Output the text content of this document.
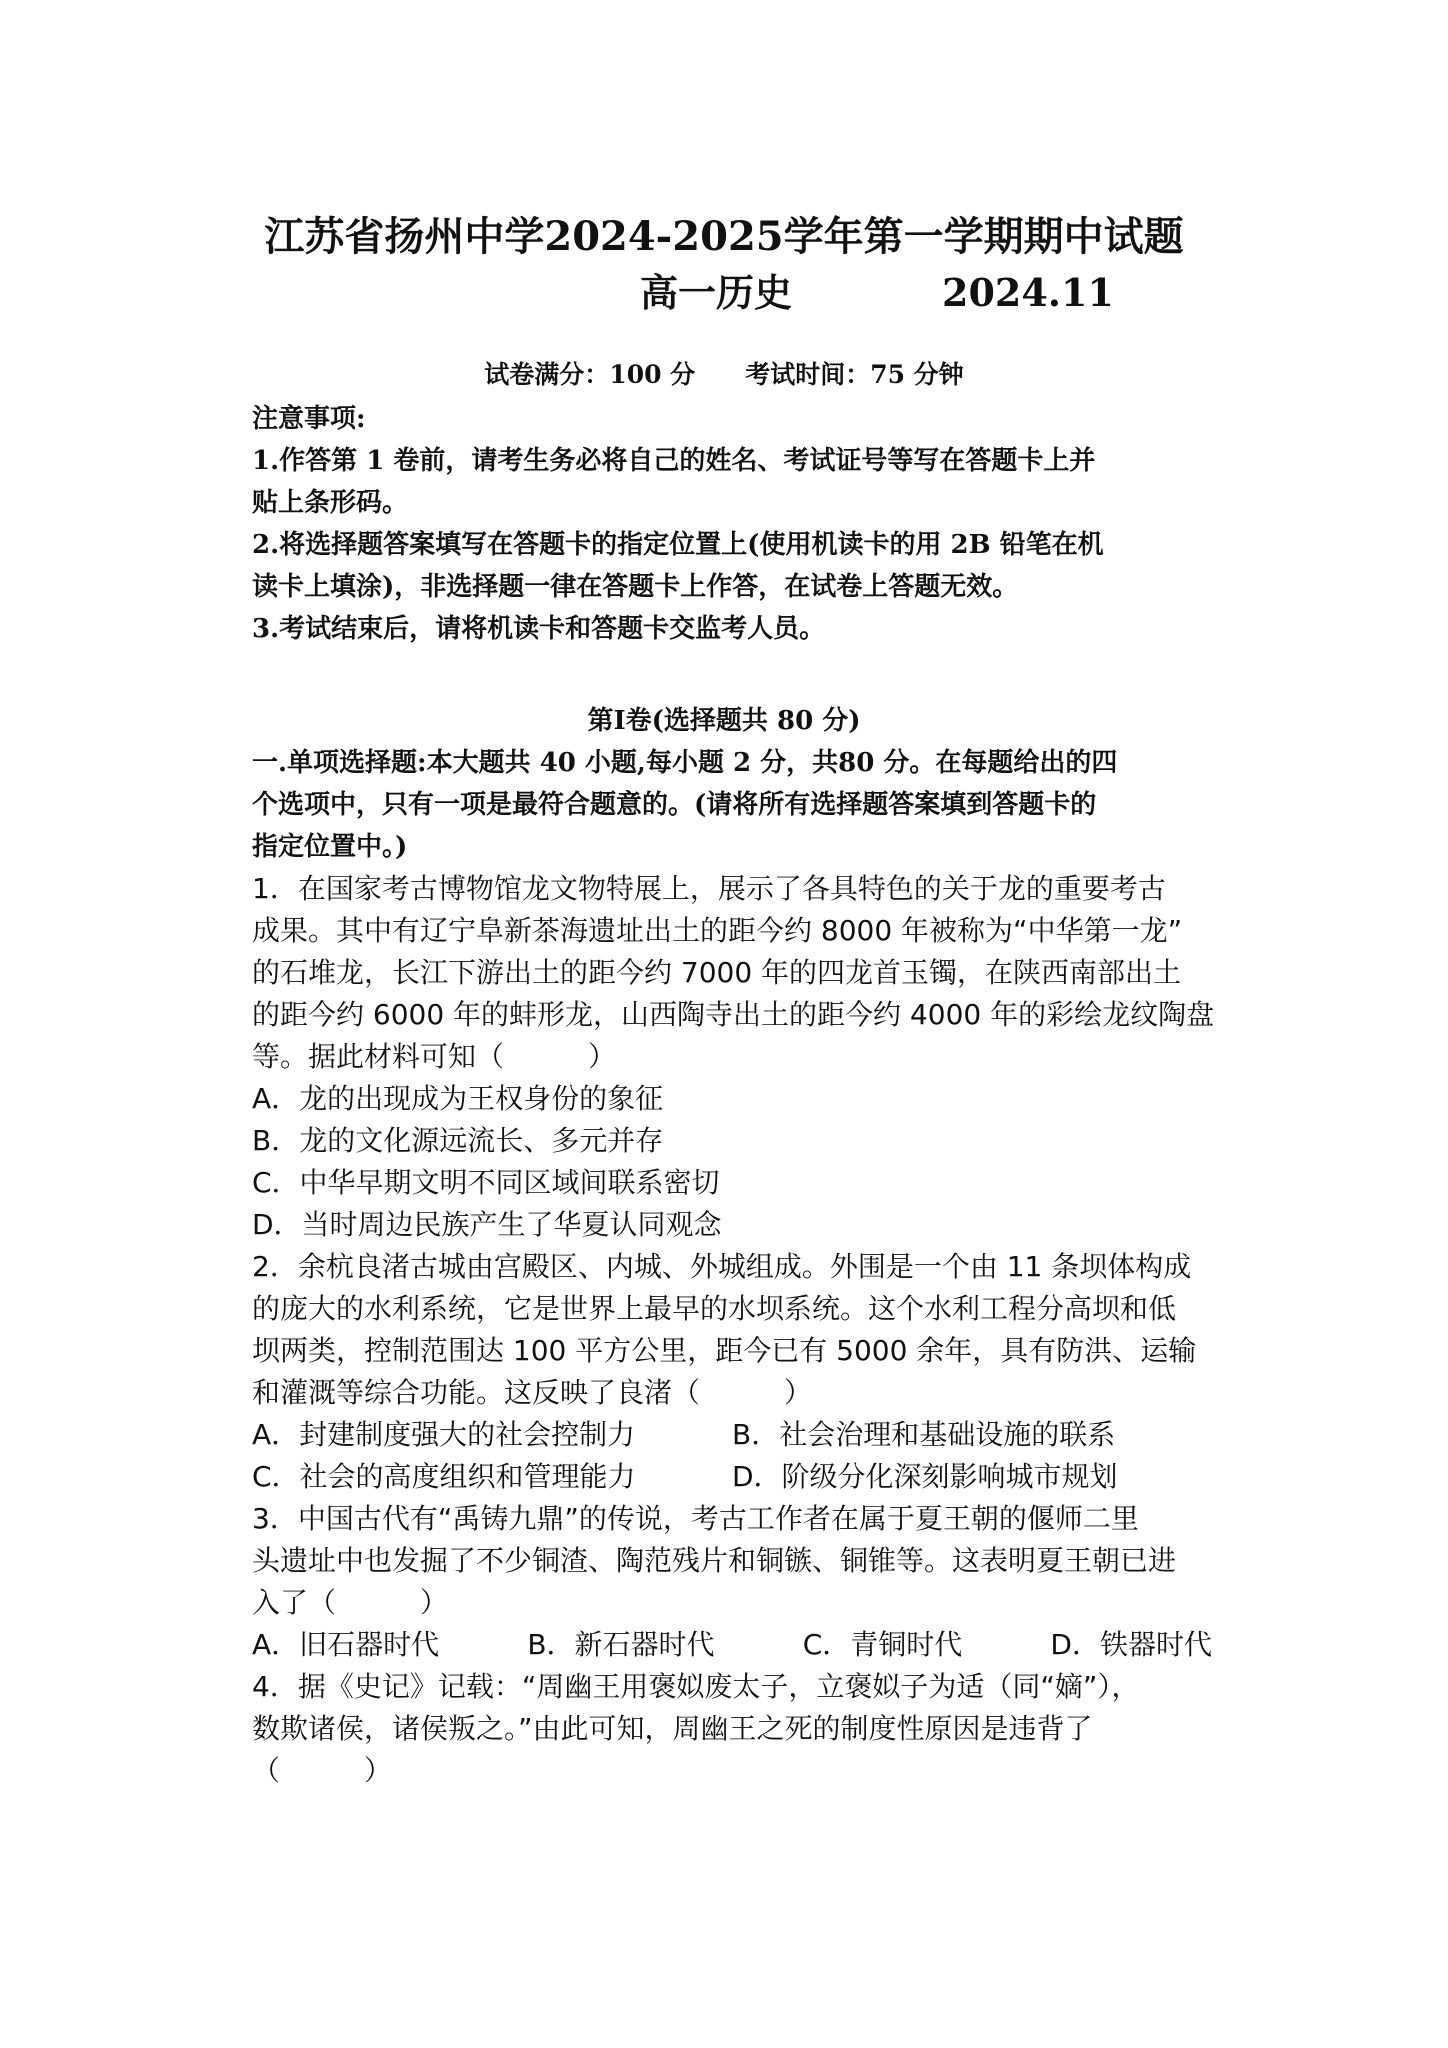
江苏省扬州中学2024-2025学年第一学期期中试题
高一历史	2024.11
试卷满分：100 分 考试时间：75 分钟
注意事项:
1.作答第 1 卷前，请考生务必将自己的姓名、考试证号等写在答题卡上并
贴上条形码。
2.将选择题答案填写在答题卡的指定位置上(使用机读卡的用 2B 铅笔在机
读卡上填涂)，非选择题一律在答题卡上作答，在试卷上答题无效。
3.考试结束后，请将机读卡和答题卡交监考人员。
第Ⅰ卷(选择题共 80 分)
一.单项选择题:本大题共 40 小题,每小题 2 分，共80 分。在每题给出的四
个选项中，只有一项是最符合题意的。(请将所有选择题答案填到答题卡的
指定位置中。)
1．在国家考古博物馆龙文物特展上，展示了各具特色的关于龙的重要考古
成果。其中有辽宁阜新茶海遗址出土的距今约 8000 年被称为“中华第一龙”
的石堆龙，长江下游出土的距今约 7000 年的四龙首玉镯，在陕西南部出土
的距今约 6000 年的蚌形龙，山西陶寺出土的距今约 4000 年的彩绘龙纹陶盘
等。据此材料可知（　　　）
A．龙的出现成为王权身份的象征
B．龙的文化源远流长、多元并存
C．中华早期文明不同区域间联系密切
D．当时周边民族产生了华夏认同观念
2．余杭良渚古城由宫殿区、内城、外城组成。外围是一个由 11 条坝体构成
的庞大的水利系统，它是世界上最早的水坝系统。这个水利工程分高坝和低
坝两类，控制范围达 100 平方公里，距今已有 5000 余年，具有防洪、运输
和灌溉等综合功能。这反映了良渚（　　　）
A．封建制度强大的社会控制力	B．社会治理和基础设施的联系
C．社会的高度组织和管理能力	D．阶级分化深刻影响城市规划
3．中国古代有“禹铸九鼎”的传说，考古工作者在属于夏王朝的偃师二里
头遗址中也发掘了不少铜渣、陶范残片和铜镞、铜锥等。这表明夏王朝已进
入了（　　　）
A．旧石器时代	B．新石器时代	C．青铜时代	D．铁器时代
4．据《史记》记载：“周幽王用褒姒废太子，立褒姒子为适（同“嫡”），
数欺诸侯，诸侯叛之。”由此可知，周幽王之死的制度性原因是违背了
（　　　）
